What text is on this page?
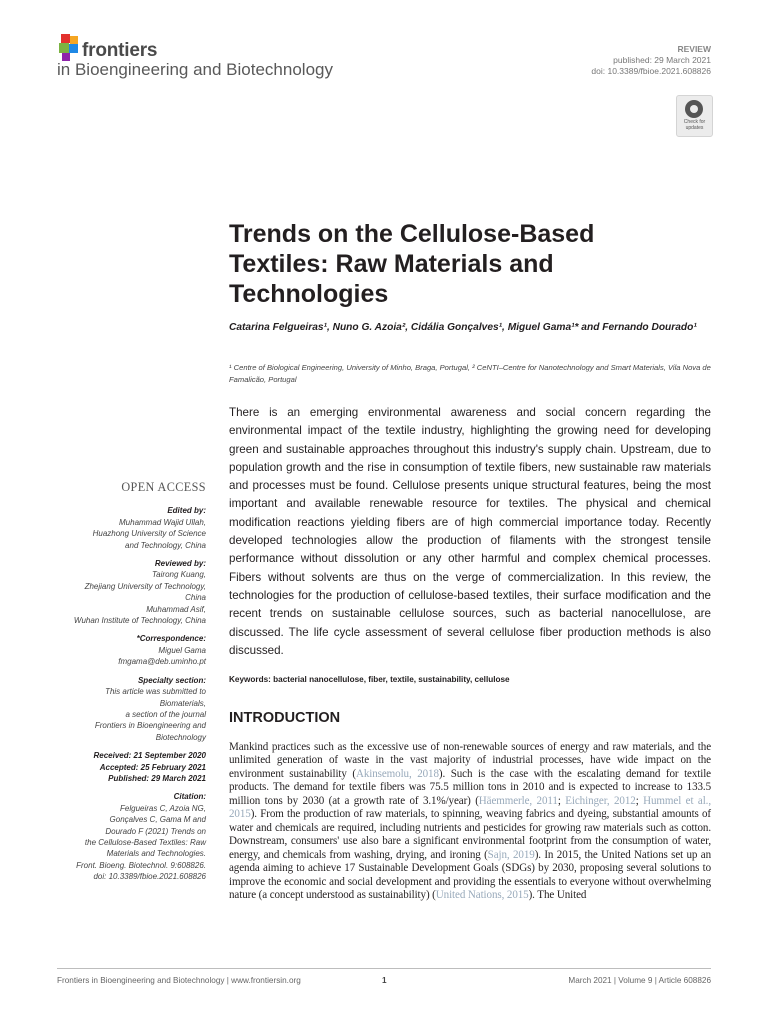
frontiers
in Bioengineering and Biotechnology
REVIEW
published: 29 March 2021
doi: 10.3389/fbioe.2021.608826
Check for updates
Trends on the Cellulose-Based Textiles: Raw Materials and Technologies
Catarina Felgueiras¹, Nuno G. Azoia², Cidália Gonçalves¹, Miguel Gama¹* and Fernando Dourado¹
¹ Centre of Biological Engineering, University of Minho, Braga, Portugal, ² CeNTI–Centre for Nanotechnology and Smart Materials, Vila Nova de Famalicão, Portugal
There is an emerging environmental awareness and social concern regarding the environmental impact of the textile industry, highlighting the growing need for developing green and sustainable approaches throughout this industry's supply chain. Upstream, due to population growth and the rise in consumption of textile fibers, new sustainable raw materials and processes must be found. Cellulose presents unique structural features, being the most important and available renewable resource for textiles. The physical and chemical modification reactions yielding fibers are of high commercial importance today. Recently developed technologies allow the production of filaments with the strongest tensile performance without dissolution or any other harmful and complex chemical processes. Fibers without solvents are thus on the verge of commercialization. In this review, the technologies for the production of cellulose-based textiles, their surface modification and the recent trends on sustainable cellulose sources, such as bacterial nanocellulose, are discussed. The life cycle assessment of several cellulose fiber production methods is also discussed.
Keywords: bacterial nanocellulose, fiber, textile, sustainability, cellulose
INTRODUCTION
Mankind practices such as the excessive use of non-renewable sources of energy and raw materials, and the unlimited generation of waste in the vast majority of industrial processes, have wide impact on the environment sustainability (Akinsemolu, 2018). Such is the case with the escalating demand for textile products. The demand for textile fibers was 75.5 million tons in 2010 and is expected to increase to 133.5 million tons by 2030 (at a growth rate of 3.1%/year) (Häemmerle, 2011; Eichinger, 2012; Hummel et al., 2015). From the production of raw materials, to spinning, weaving fabrics and dyeing, substantial amounts of water and chemicals are required, including nutrients and pesticides for growing raw materials such as cotton. Downstream, consumers' use also bare a significant environmental footprint from the consumption of water, energy, and chemicals from washing, drying, and ironing (Sajn, 2019). In 2015, the United Nations set up an agenda aiming to achieve 17 Sustainable Development Goals (SDGs) by 2030, proposing several solutions to improve the economic and social development and providing the essentials to everyone without overwhelming nature (a concept understood as sustainability) (United Nations, 2015). The United
OPEN ACCESS
Edited by:
Muhammad Wajid Ullah,
Huazhong University of Science
and Technology, China
Reviewed by:
Tairong Kuang,
Zhejiang University of Technology,
China
Muhammad Asif,
Wuhan Institute of Technology, China
*Correspondence:
Miguel Gama
fmgama@deb.uminho.pt
Specialty section:
This article was submitted to
Biomaterials,
a section of the journal
Frontiers in Bioengineering and
Biotechnology
Received: 21 September 2020
Accepted: 25 February 2021
Published: 29 March 2021
Citation:
Felgueiras C, Azoia NG,
Gonçalves C, Gama M and
Dourado F (2021) Trends on
the Cellulose-Based Textiles: Raw
Materials and Technologies.
Front. Bioeng. Biotechnol. 9:608826.
doi: 10.3389/fbioe.2021.608826
Frontiers in Bioengineering and Biotechnology | www.frontiersin.org	1	March 2021 | Volume 9 | Article 608826
